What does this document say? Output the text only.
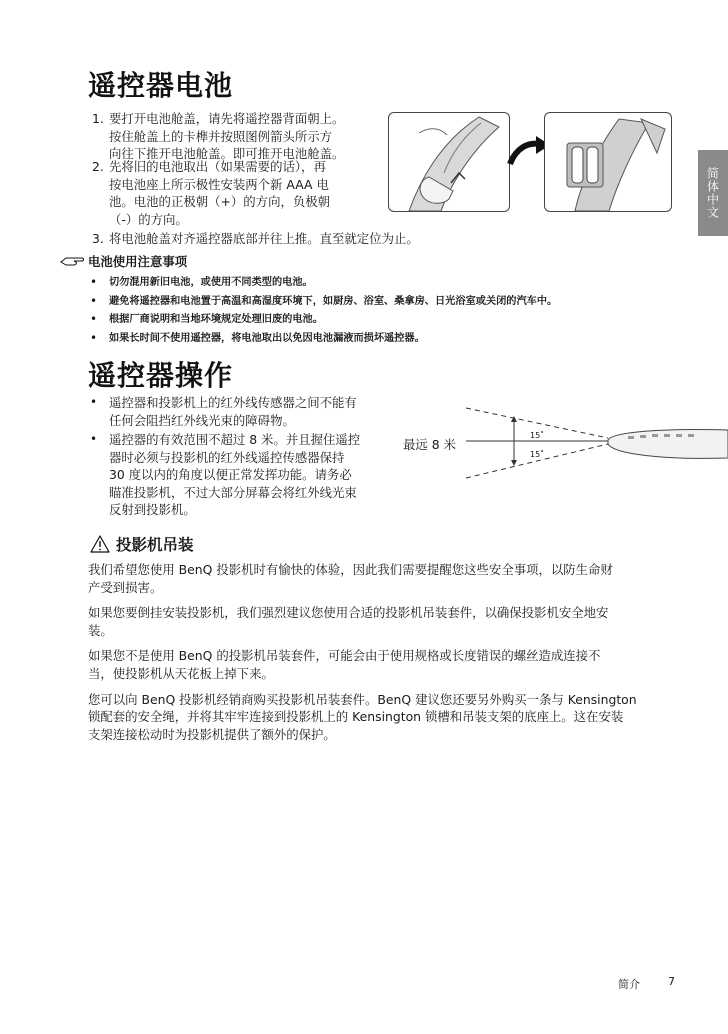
简体中文
遥控器电池
1. 要打开电池舱盖，请先将遥控器背面朝上。
按住舱盖上的卡榫并按照图例箭头所示方
向往下推开电池舱盖。即可推开电池舱盖。
2. 先将旧的电池取出（如果需要的话），再
按电池座上所示极性安装两个新 AAA 电
池。电池的正极朝（+）的方向，负极朝
（-）的方向。
3. 将电池舱盖对齐遥控器底部并往上推。直至就定位为止。
电池使用注意事项
• 切勿混用新旧电池，或使用不同类型的电池。
• 避免将遥控器和电池置于高温和高湿度环境下，如厨房、浴室、桑拿房、日光浴室或关闭的汽车中。
• 根据厂商说明和当地环境规定处理旧废的电池。
• 如果长时间不使用遥控器，将电池取出以免因电池漏液而损坏遥控器。
遥控器操作
• 遥控器和投影机上的红外线传感器之间不能有
任何会阻挡红外线光束的障碍物。
• 遥控器的有效范围不超过 8 米。并且握住遥控
器时必须与投影机的红外线遥控传感器保持
30 度以内的角度以便正常发挥功能。请务必
瞄准投影机，不过大部分屏幕会将红外线光束
反射到投影机。
最远 8 米
15˚
15˚
投影机吊装
我们希望您使用 BenQ 投影机时有愉快的体验，因此我们需要提醒您这些安全事项，以防生命财
产受到损害。
如果您要倒挂安装投影机，我们强烈建议您使用合适的投影机吊装套件，以确保投影机安全地安
装。
如果您不是使用 BenQ 的投影机吊装套件，可能会由于使用规格或长度错误的螺丝造成连接不
当，使投影机从天花板上掉下来。
您可以向 BenQ 投影机经销商购买投影机吊装套件。BenQ 建议您还要另外购买一条与 Kensington
锁配套的安全绳，并将其牢牢连接到投影机上的 Kensington 锁槽和吊装支架的底座上。这在安装
支架连接松动时为投影机提供了额外的保护。
简介	7
